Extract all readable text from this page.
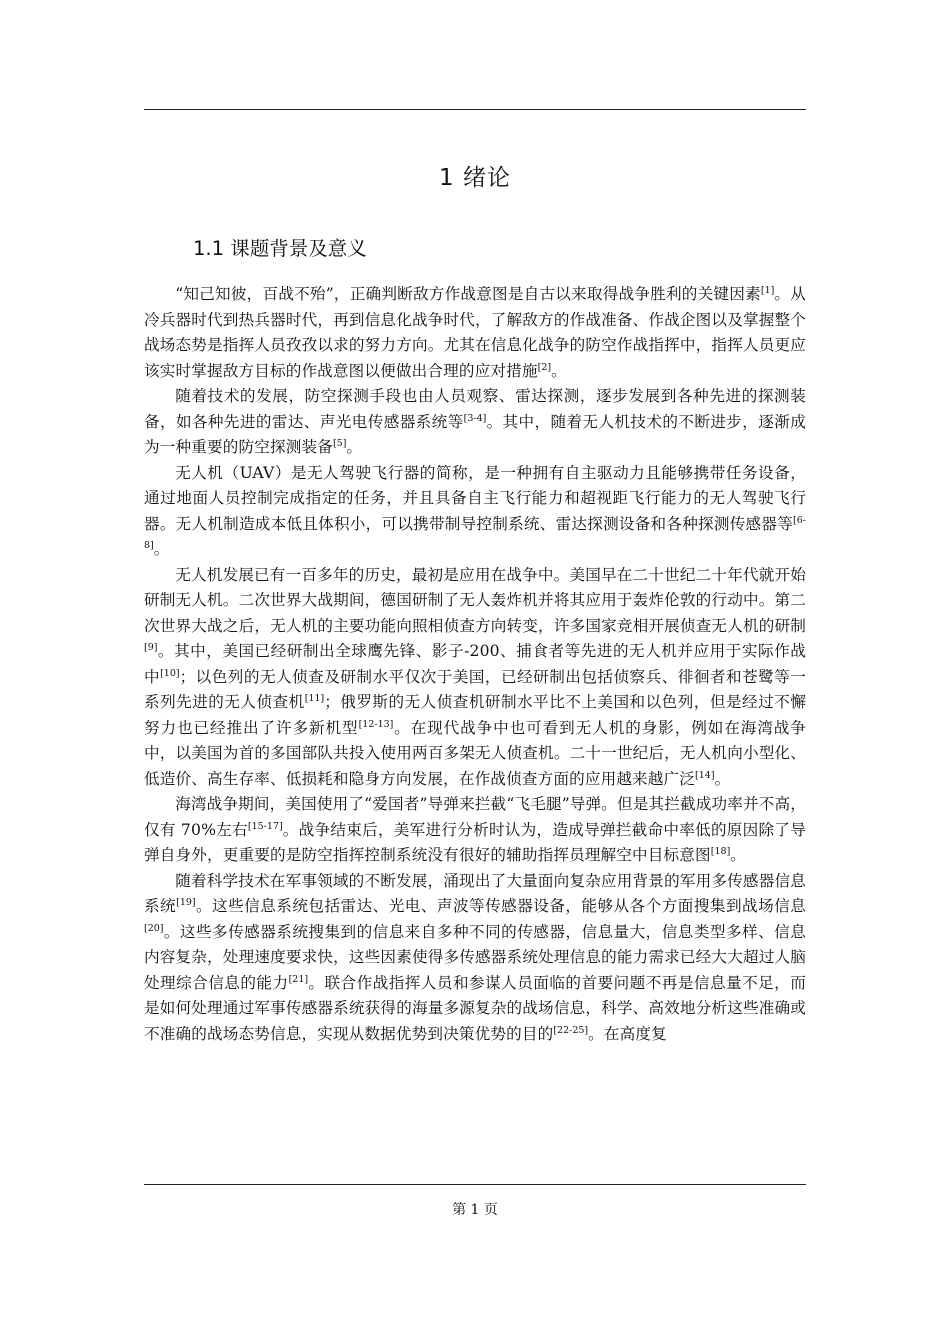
1 绪论
1.1 课题背景及意义

“知己知彼，百战不殆”，正确判断敌方作战意图是自古以来取得战争胜利的关键因素[1]。从冷兵器时代到热兵器时代，再到信息化战争时代，了解敌方的作战准备、作战企图以及掌握整个战场态势是指挥人员孜孜以求的努力方向。尤其在信息化战争的防空作战指挥中，指挥人员更应该实时掌握敌方目标的作战意图以便做出合理的应对措施[2]。

随着技术的发展，防空探测手段也由人员观察、雷达探测，逐步发展到各种先进的探测装备，如各种先进的雷达、声光电传感器系统等[3-4]。其中，随着无人机技术的不断进步，逐渐成为一种重要的防空探测装备[5]。

无人机（UAV）是无人驾驶飞行器的简称，是一种拥有自主驱动力且能够携带任务设备，通过地面人员控制完成指定的任务，并且具备自主飞行能力和超视距飞行能力的无人驾驶飞行器。无人机制造成本低且体积小，可以携带制导控制系统、雷达探测设备和各种探测传感器等[6-8]。

无人机发展已有一百多年的历史，最初是应用在战争中。美国早在二十世纪二十年代就开始研制无人机。二次世界大战期间，德国研制了无人轰炸机并将其应用于轰炸伦敦的行动中。第二次世界大战之后，无人机的主要功能向照相侦查方向转变，许多国家竞相开展侦查无人机的研制[9]。其中，美国已经研制出全球鹰先锋、影子-200、捕食者等先进的无人机并应用于实际作战中[10]；以色列的无人侦查及研制水平仅次于美国，已经研制出包括侦察兵、徘徊者和苍鹭等一系列先进的无人侦查机[11]；俄罗斯的无人侦查机研制水平比不上美国和以色列，但是经过不懈努力也已经推出了许多新机型[12-13]。在现代战争中也可看到无人机的身影，例如在海湾战争中，以美国为首的多国部队共投入使用两百多架无人侦查机。二十一世纪后，无人机向小型化、低造价、高生存率、低损耗和隐身方向发展，在作战侦查方面的应用越来越广泛[14]。

海湾战争期间，美国使用了“爱国者”导弹来拦截“飞毛腿”导弹。但是其拦截成功率并不高，仅有 70%左右[15-17]。战争结束后，美军进行分析时认为，造成导弹拦截命中率低的原因除了导弹自身外，更重要的是防空指挥控制系统没有很好的辅助指挥员理解空中目标意图[18]。

随着科学技术在军事领域的不断发展，涌现出了大量面向复杂应用背景的军用多传感器信息系统[19]。这些信息系统包括雷达、光电、声波等传感器设备，能够从各个方面搜集到战场信息[20]。这些多传感器系统搜集到的信息来自多种不同的传感器，信息量大，信息类型多样、信息内容复杂，处理速度要求快，这些因素使得多传感器系统处理信息的能力需求已经大大超过人脑处理综合信息的能力[21]。联合作战指挥人员和参谋人员面临的首要问题不再是信息量不足，而是如何处理通过军事传感器系统获得的海量多源复杂的战场信息，科学、高效地分析这些准确或不准确的战场态势信息，实现从数据优势到决策优势的目的[22-25]。在高度复

第 1 页
